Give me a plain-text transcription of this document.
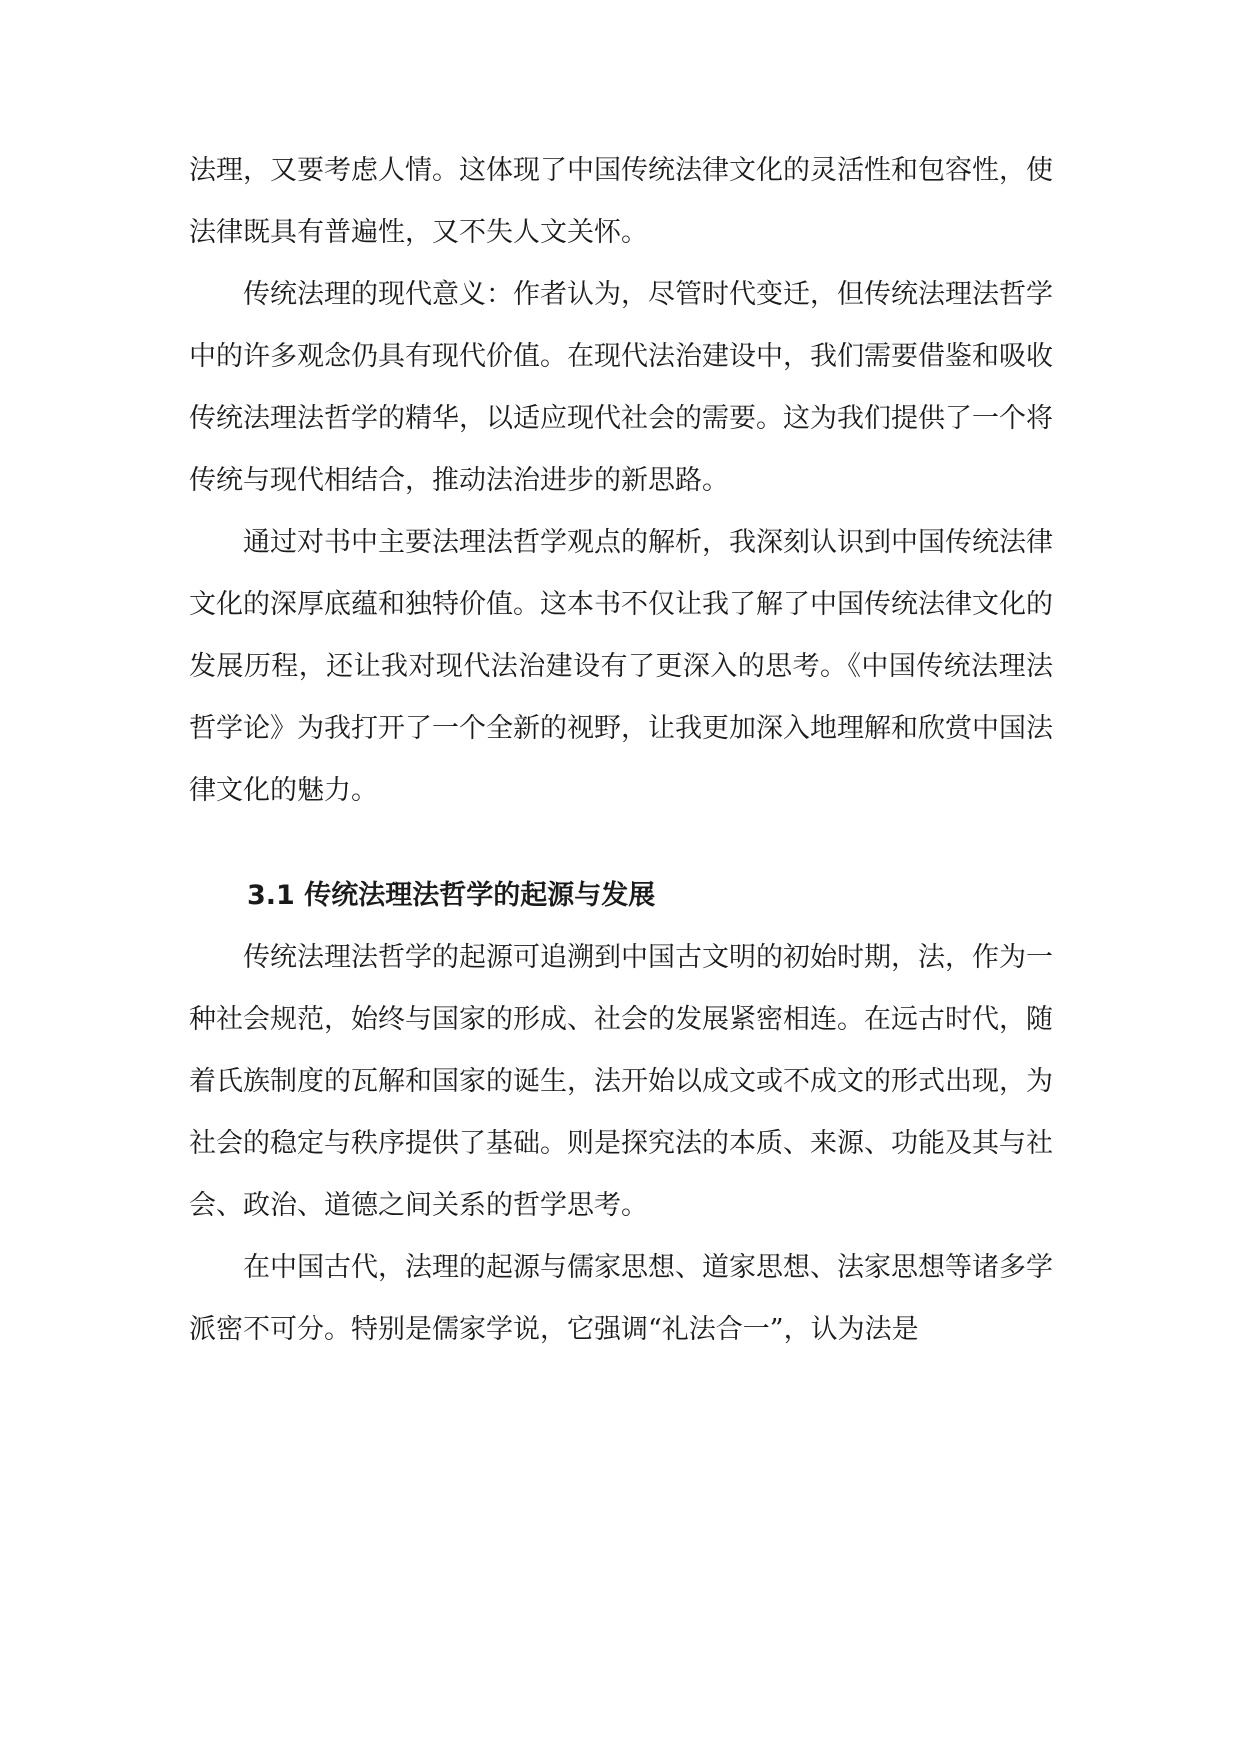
法理，又要考虑人情。这体现了中国传统法律文化的灵活性和包容性，使法律既具有普遍性，又不失人文关怀。

传统法理的现代意义：作者认为，尽管时代变迁，但传统法理法哲学中的许多观念仍具有现代价值。在现代法治建设中，我们需要借鉴和吸收传统法理法哲学的精华，以适应现代社会的需要。这为我们提供了一个将传统与现代相结合，推动法治进步的新思路。

通过对书中主要法理法哲学观点的解析，我深刻认识到中国传统法律文化的深厚底蕴和独特价值。这本书不仅让我了解了中国传统法律文化的发展历程，还让我对现代法治建设有了更深入的思考。《中国传统法理法哲学论》为我打开了一个全新的视野，让我更加深入地理解和欣赏中国法律文化的魅力。

3.1 传统法理法哲学的起源与发展

传统法理法哲学的起源可追溯到中国古文明的初始时期，法，作为一种社会规范，始终与国家的形成、社会的发展紧密相连。在远古时代，随着氏族制度的瓦解和国家的诞生，法开始以成文或不成文的形式出现，为社会的稳定与秩序提供了基础。则是探究法的本质、来源、功能及其与社会、政治、道德之间关系的哲学思考。

在中国古代，法理的起源与儒家思想、道家思想、法家思想等诸多学派密不可分。特别是儒家学说，它强调“礼法合一”，认为法是
